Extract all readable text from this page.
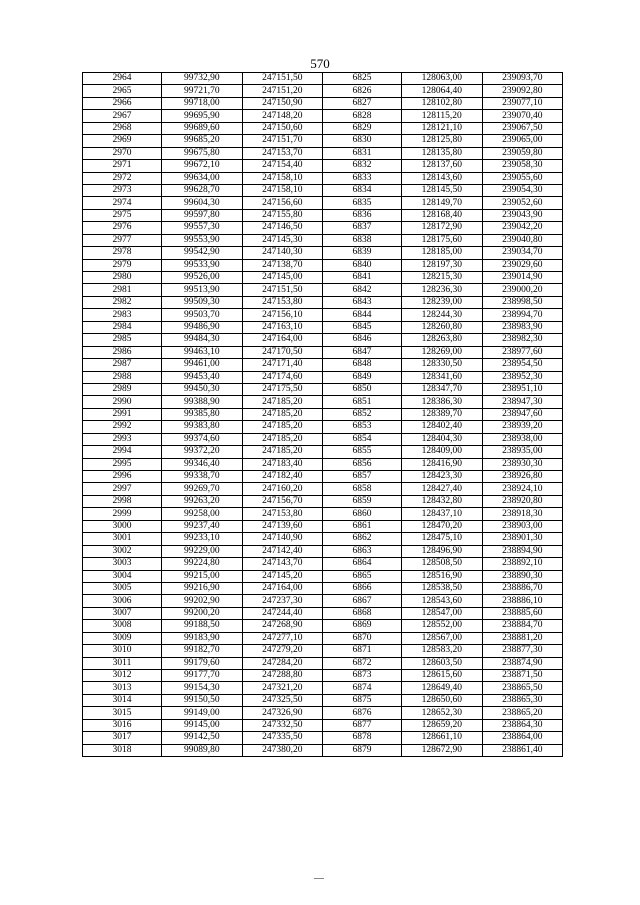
570
2964	99732,90	247151,50	6825	128063,00	239093,70
2965	99721,70	247151,20	6826	128064,40	239092,80
2966	99718,00	247150,90	6827	128102,80	239077,10
2967	99695,90	247148,20	6828	128115,20	239070,40
2968	99689,60	247150,60	6829	128121,10	239067,50
2969	99685,20	247151,70	6830	128125,80	239065,00
2970	99675,80	247153,70	6831	128135,80	239059,80
2971	99672,10	247154,40	6832	128137,60	239058,30
2972	99634,00	247158,10	6833	128143,60	239055,60
2973	99628,70	247158,10	6834	128145,50	239054,30
2974	99604,30	247156,60	6835	128149,70	239052,60
2975	99597,80	247155,80	6836	128168,40	239043,90
2976	99557,30	247146,50	6837	128172,90	239042,20
2977	99553,90	247145,30	6838	128175,60	239040,80
2978	99542,90	247140,30	6839	128185,00	239034,70
2979	99533,90	247138,70	6840	128197,30	239029,60
2980	99526,00	247145,00	6841	128215,30	239014,90
2981	99513,90	247151,50	6842	128236,30	239000,20
2982	99509,30	247153,80	6843	128239,00	238998,50
2983	99503,70	247156,10	6844	128244,30	238994,70
2984	99486,90	247163,10	6845	128260,80	238983,90
2985	99484,30	247164,00	6846	128263,80	238982,30
2986	99463,10	247170,50	6847	128269,00	238977,60
2987	99461,00	247171,40	6848	128330,50	238954,50
2988	99453,40	247174,60	6849	128341,60	238952,30
2989	99450,30	247175,50	6850	128347,70	238951,10
2990	99388,90	247185,20	6851	128386,30	238947,30
2991	99385,80	247185,20	6852	128389,70	238947,60
2992	99383,80	247185,20	6853	128402,40	238939,20
2993	99374,60	247185,20	6854	128404,30	238938,00
2994	99372,20	247185,20	6855	128409,00	238935,00
2995	99346,40	247183,40	6856	128416,90	238930,30
2996	99338,70	247182,40	6857	128423,30	238926,80
2997	99269,70	247160,20	6858	128427,40	238924,10
2998	99263,20	247156,70	6859	128432,80	238920,80
2999	99258,00	247153,80	6860	128437,10	238918,30
3000	99237,40	247139,60	6861	128470,20	238903,00
3001	99233,10	247140,90	6862	128475,10	238901,30
3002	99229,00	247142,40	6863	128496,90	238894,90
3003	99224,80	247143,70	6864	128508,50	238892,10
3004	99215,00	247145,20	6865	128516,90	238890,30
3005	99216,90	247164,00	6866	128538,50	238886,70
3006	99202,90	247237,30	6867	128543,60	238886,10
3007	99200,20	247244,40	6868	128547,00	238885,60
3008	99188,50	247268,90	6869	128552,00	238884,70
3009	99183,90	247277,10	6870	128567,00	238881,20
3010	99182,70	247279,20	6871	128583,20	238877,30
3011	99179,60	247284,20	6872	128603,50	238874,90
3012	99177,70	247288,80	6873	128615,60	238871,50
3013	99154,30	247321,20	6874	128649,40	238865,50
3014	99150,50	247325,50	6875	128650,60	238865,30
3015	99149,00	247326,90	6876	128652,30	238865,20
3016	99145,00	247332,50	6877	128659,20	238864,30
3017	99142,50	247335,50	6878	128661,10	238864,00
3018	99089,80	247380,20	6879	128672,90	238861,40
